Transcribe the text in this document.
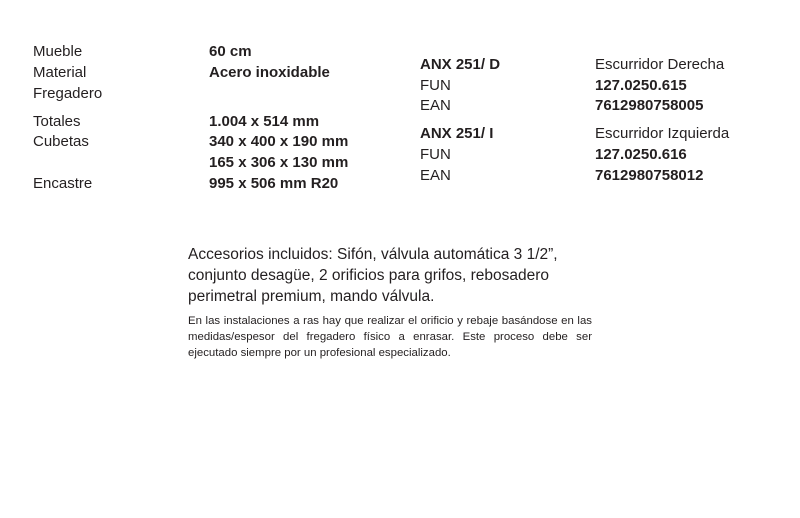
Mueble
Material
Fregadero
Totales
Cubetas
Encastre
60 cm
Acero inoxidable
1.004 x 514 mm
340 x 400 x 190 mm
165 x 306 x 130 mm
995 x 506 mm R20
ANX 251/ D
FUN
EAN
Escurridor Derecha
127.0250.615
7612980758005
ANX 251/ I
FUN
EAN
Escurridor Izquierda
127.0250.616
7612980758012
Accesorios incluidos: Sifón, válvula automática 3 1/2”, conjunto desagüe, 2 orificios para grifos, rebosadero perimetral premium, mando válvula.
En las instalaciones a ras hay que realizar el orificio y rebaje basándose en las medidas/espesor del fregadero físico a enrasar. Este proceso debe ser ejecutado siempre por un profesional especializado.
